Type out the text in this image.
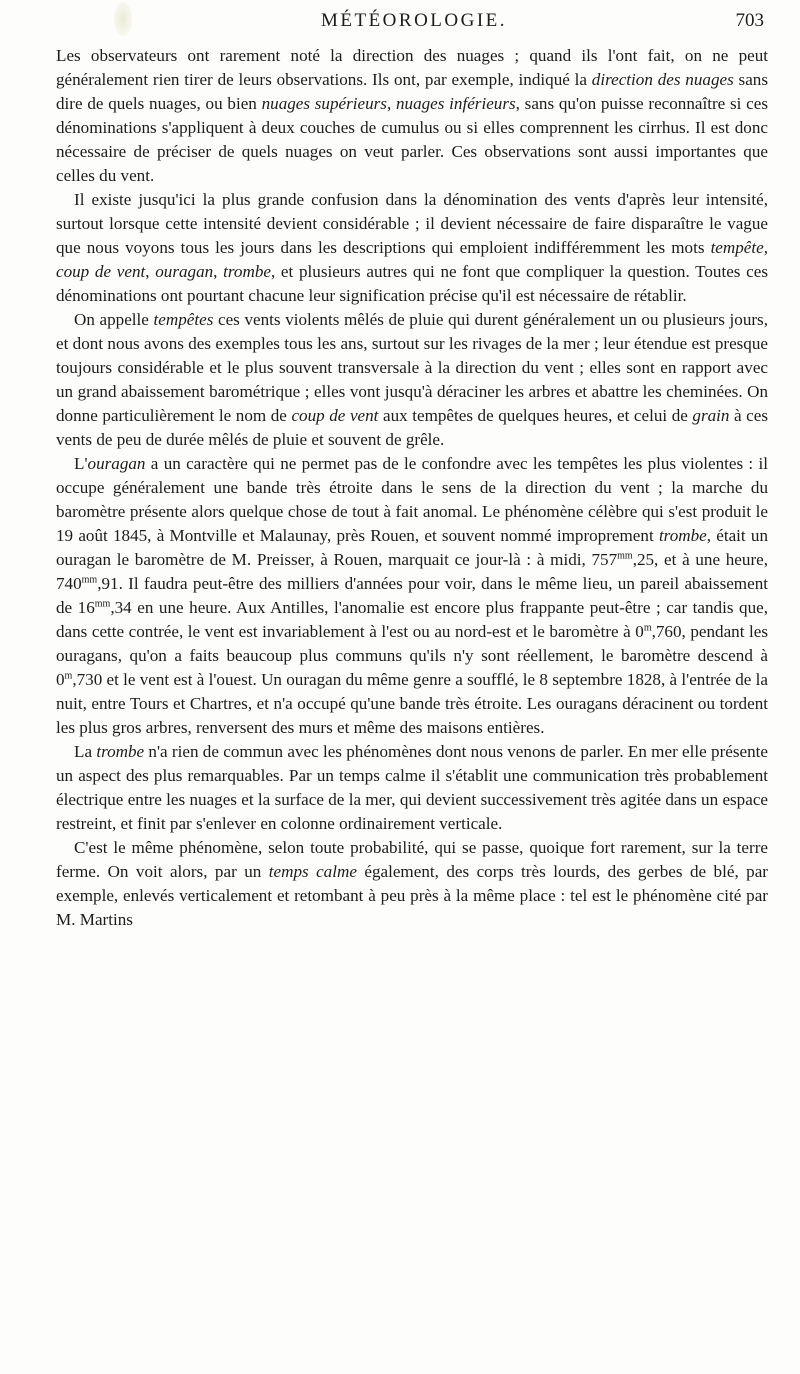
MÉTÉOROLOGIE.	703

Les observateurs ont rarement noté la direction des nuages ; quand ils l'ont fait, on ne peut généralement rien tirer de leurs observations. Ils ont, par exemple, indiqué la direction des nuages sans dire de quels nuages, ou bien nuages supérieurs, nuages inférieurs, sans qu'on puisse reconnaître si ces dénominations s'appliquent à deux couches de cumulus ou si elles comprennent les cirrhus. Il est donc nécessaire de préciser de quels nuages on veut parler. Ces observations sont aussi importantes que celles du vent.

Il existe jusqu'ici la plus grande confusion dans la dénomination des vents d'après leur intensité, surtout lorsque cette intensité devient considérable ; il devient nécessaire de faire disparaître le vague que nous voyons tous les jours dans les descriptions qui emploient indifféremment les mots tempête, coup de vent, ouragan, trombe, et plusieurs autres qui ne font que compliquer la question. Toutes ces dénominations ont pourtant chacune leur signification précise qu'il est nécessaire de rétablir.

On appelle tempêtes ces vents violents mêlés de pluie qui durent généralement un ou plusieurs jours, et dont nous avons des exemples tous les ans, surtout sur les rivages de la mer ; leur étendue est presque toujours considérable et le plus souvent transversale à la direction du vent ; elles sont en rapport avec un grand abaissement barométrique ; elles vont jusqu'à déraciner les arbres et abattre les cheminées. On donne particulièrement le nom de coup de vent aux tempêtes de quelques heures, et celui de grain à ces vents de peu de durée mêlés de pluie et souvent de grêle.

L'ouragan a un caractère qui ne permet pas de le confondre avec les tempêtes les plus violentes : il occupe généralement une bande très étroite dans le sens de la direction du vent ; la marche du baromètre présente alors quelque chose de tout à fait anomal. Le phénomène célèbre qui s'est produit le 19 août 1845, à Montville et Malaunay, près Rouen, et souvent nommé improprement trombe, était un ouragan le baromètre de M. Preisser, à Rouen, marquait ce jour-là : à midi, $757^{mm},25$, et à une heure, $740^{mm},91$. Il faudra peut-être des milliers d'années pour voir, dans le même lieu, un pareil abaissement de $16^{mm},34$ en une heure. Aux Antilles, l'anomalie est encore plus frappante peut-être ; car tandis que, dans cette contrée, le vent est invariablement à l'est ou au nord-est et le baromètre à 0$^m$,760, pendant les ouragans, qu'on a faits beaucoup plus communs qu'ils n'y sont réellement, le baromètre descend à 0$^m$,730 et le vent est à l'ouest. Un ouragan du même genre a soufflé, le 8 septembre 1828, à l'entrée de la nuit, entre Tours et Chartres, et n'a occupé qu'une bande très étroite. Les ouragans déracinent ou tordent les plus gros arbres, renversent des murs et même des maisons entières.

La trombe n'a rien de commun avec les phénomènes dont nous venons de parler. En mer elle présente un aspect des plus remarquables. Par un temps calme il s'établit une communication très probablement électrique entre les nuages et la surface de la mer, qui devient successivement très agitée dans un espace restreint, et finit par s'enlever en colonne ordinairement verticale.

C'est le même phénomène, selon toute probabilité, qui se passe, quoique fort rarement, sur la terre ferme. On voit alors, par un temps calme également, des corps très lourds, des gerbes de blé, par exemple, enlevés verticalement et retombant à peu près à la même place : tel est le phénomène cité par M. Martins
